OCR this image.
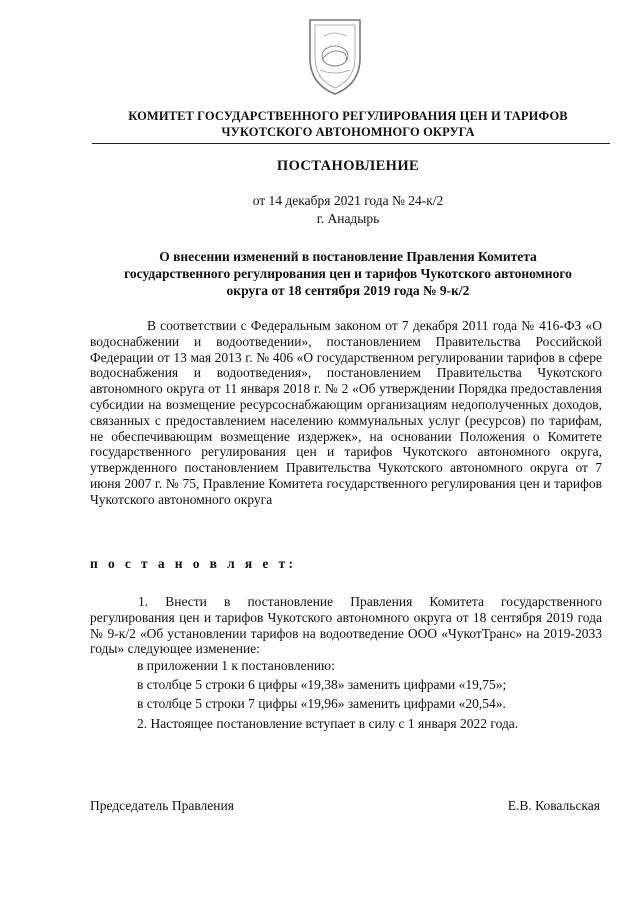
КОМИТЕТ ГОСУДАРСТВЕННОГО РЕГУЛИРОВАНИЯ ЦЕН И ТАРИФОВ
ЧУКОТСКОГО АВТОНОМНОГО ОКРУГА
ПОСТАНОВЛЕНИЕ
от 14 декабря 2021 года № 24-к/2
г. Анадырь
О внесении изменений в постановление Правления Комитета
государственного регулирования цен и тарифов Чукотского автономного
округа от 18 сентября 2019 года № 9-к/2

В соответствии с Федеральным законом от 7 декабря 2011 года № 416-ФЗ «О водоснабжении и водоотведении», постановлением Правительства Российской Федерации от 13 мая 2013 г. № 406 «О государственном регулировании тарифов в сфере водоснабжения и водоотведения», постановлением Правительства Чукотского автономного округа от 11 января 2018 г. № 2 «Об утверждении Порядка предоставления субсидии на возмещение ресурсоснабжающим организациям недополученных доходов, связанных с предоставлением населению коммунальных услуг (ресурсов) по тарифам, не обеспечивающим возмещение издержек», на основании Положения о Комитете государственного регулирования цен и тарифов Чукотского автономного округа, утвержденного постановлением Правительства Чукотского автономного округа от 7 июня 2007 г. № 75, Правление Комитета государственного регулирования цен и тарифов Чукотского автономного округа

п о с т а н о в л я е т:

1. Внести в постановление Правления Комитета государственного регулирования цен и тарифов Чукотского автономного округа от 18 сентября 2019 года № 9-к/2 «Об установлении тарифов на водоотведение ООО «ЧукотТранс» на 2019-2033 годы» следующее изменение:

в приложении 1 к постановлению:
в столбце 5 строки 6 цифры «19,38» заменить цифрами «19,75»;
в столбце 5 строки 7 цифры «19,96» заменить цифрами «20,54».
2. Настоящее постановление вступает в силу с 1 января 2022 года.
Председатель Правления	Е.В. Ковальская
